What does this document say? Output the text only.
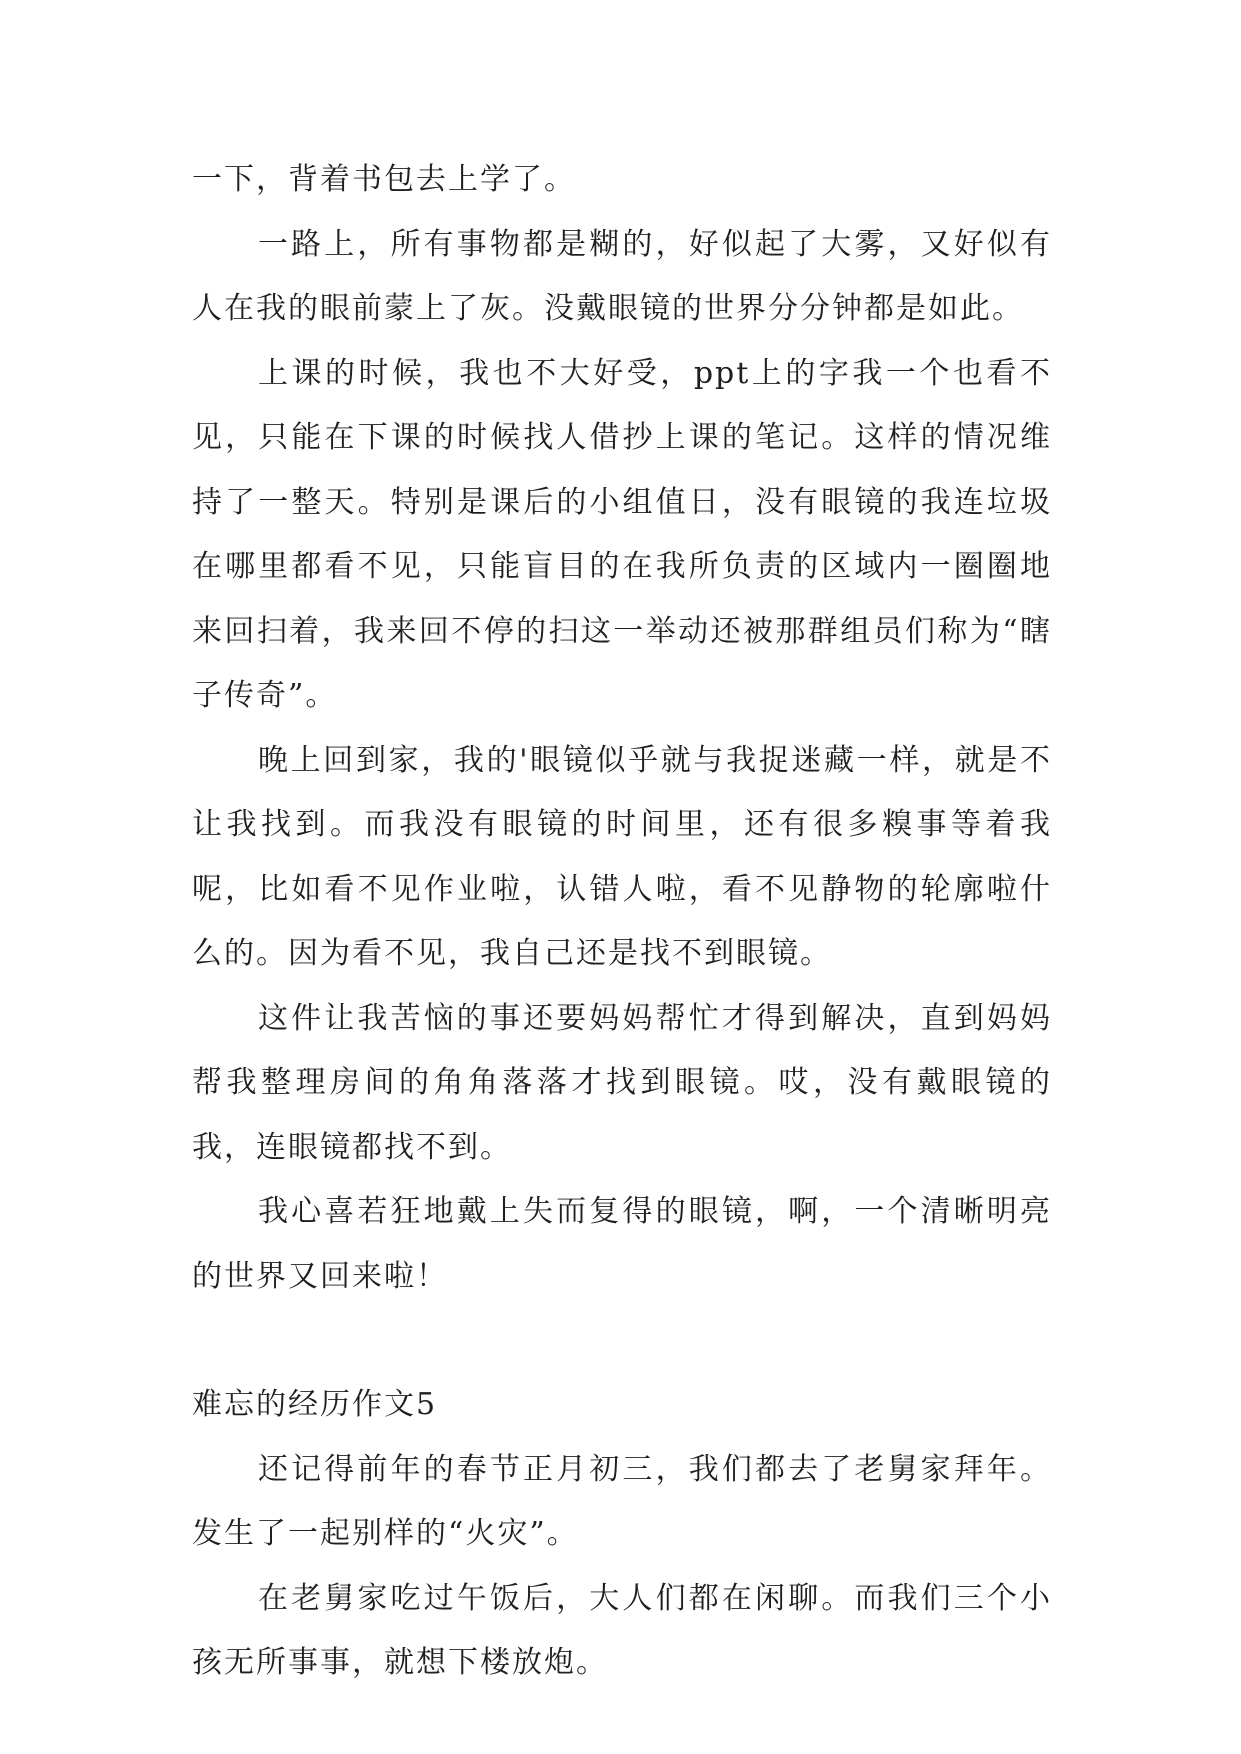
一下，背着书包去上学了。

一路上，所有事物都是糊的，好似起了大雾，又好似有人在我的眼前蒙上了灰。没戴眼镜的世界分分钟都是如此。

上课的时候，我也不大好受，ppt上的字我一个也看不见，只能在下课的时候找人借抄上课的笔记。这样的情况维持了一整天。特别是课后的小组值日，没有眼镜的我连垃圾在哪里都看不见，只能盲目的在我所负责的区域内一圈圈地来回扫着，我来回不停的扫这一举动还被那群组员们称为“瞎子传奇”。

晚上回到家，我的'眼镜似乎就与我捉迷藏一样，就是不让我找到。而我没有眼镜的时间里，还有很多糗事等着我呢，比如看不见作业啦，认错人啦，看不见静物的轮廓啦什么的。因为看不见，我自己还是找不到眼镜。

这件让我苦恼的事还要妈妈帮忙才得到解决，直到妈妈帮我整理房间的角角落落才找到眼镜。哎，没有戴眼镜的我，连眼镜都找不到。

我心喜若狂地戴上失而复得的眼镜，啊，一个清晰明亮的世界又回来啦！

难忘的经历作文5

还记得前年的春节正月初三，我们都去了老舅家拜年。发生了一起别样的“火灾”。

在老舅家吃过午饭后，大人们都在闲聊。而我们三个小孩无所事事，就想下楼放炮。
